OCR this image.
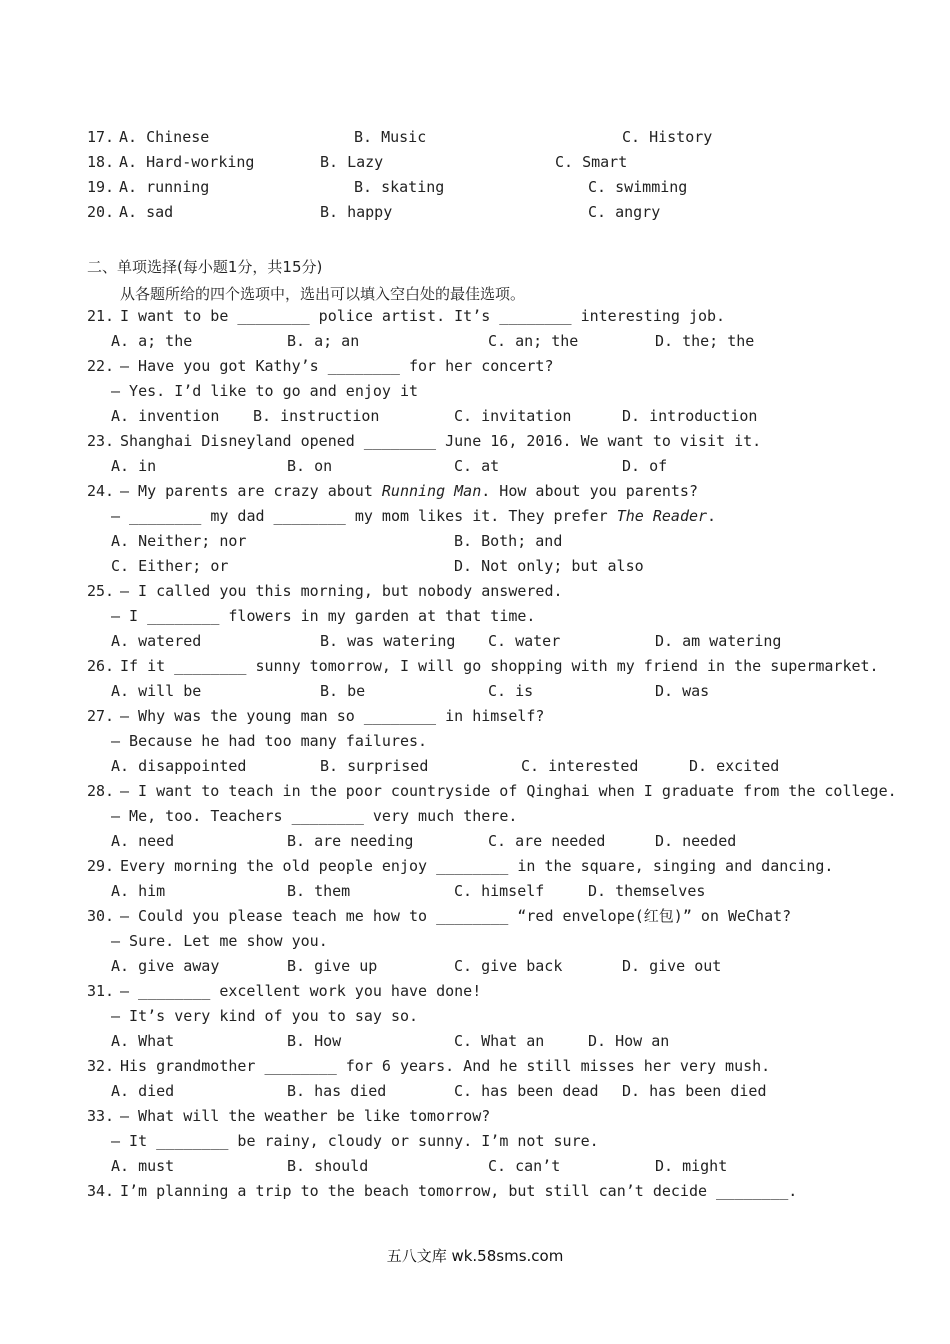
17. A. Chinese	B. Music	C. History
18. A. Hard-working	B. Lazy	C. Smart
19. A. running	B. skating	C. swimming
20. A. sad	B. happy	C. angry
二、单项选择(每小题1分，共15分)
从各题所给的四个选项中，选出可以填入空白处的最佳选项。
21. I want to be ________ police artist. It’s ________ interesting job.
A. a; the	B. a; an	C. an; the	D. the; the
22. — Have you got Kathy’s ________ for her concert?
— Yes. I’d like to go and enjoy it
A. invention B. instruction	C. invitation	D. introduction
23. Shanghai Disneyland opened ________ June 16, 2016. We want to visit it.
A. in	B. on	C. at	D. of
24. — My parents are crazy about Running Man. How about you parents?
— ________ my dad ________ my mom likes it. They prefer The Reader.
A. Neither; nor	B. Both; and
C. Either; or	D. Not only; but also
25. — I called you this morning, but nobody answered.
— I ________ flowers in my garden at that time.
A. watered	B. was watering C. water	D. am watering
26. If it ________ sunny tomorrow, I will go shopping with my friend in the supermarket.
A. will be	B. be	C. is	D. was
27. — Why was the young man so ________ in himself?
— Because he had too many failures.
A. disappointed	B. surprised	C. interested	D. excited
28. — I want to teach in the poor countryside of Qinghai when I graduate from the college.
— Me, too. Teachers ________ very much there.
A. need	B. are needing	C. are needed	D. needed
29. Every morning the old people enjoy ________ in the square, singing and dancing.
A. him	B. them	C. himself	D. themselves
30. — Could you please teach me how to ________ “red envelope(红包)” on WeChat?
— Sure. Let me show you.
A. give away	B. give up	C. give back	D. give out
31. — ________ excellent work you have done!
— It’s very kind of you to say so.
A. What	B. How	C. What an	D. How an
32. His grandmother ________ for 6 years. And he still misses her very mush.
A. died	B. has died	C. has been dead D. has been died
33. — What will the weather be like tomorrow?
— It ________ be rainy, cloudy or sunny. I’m not sure.
A. must	B. should	C. can’t	D. might
34. I’m planning a trip to the beach tomorrow, but still can’t decide ________.
五八文库 wk.58sms.com
